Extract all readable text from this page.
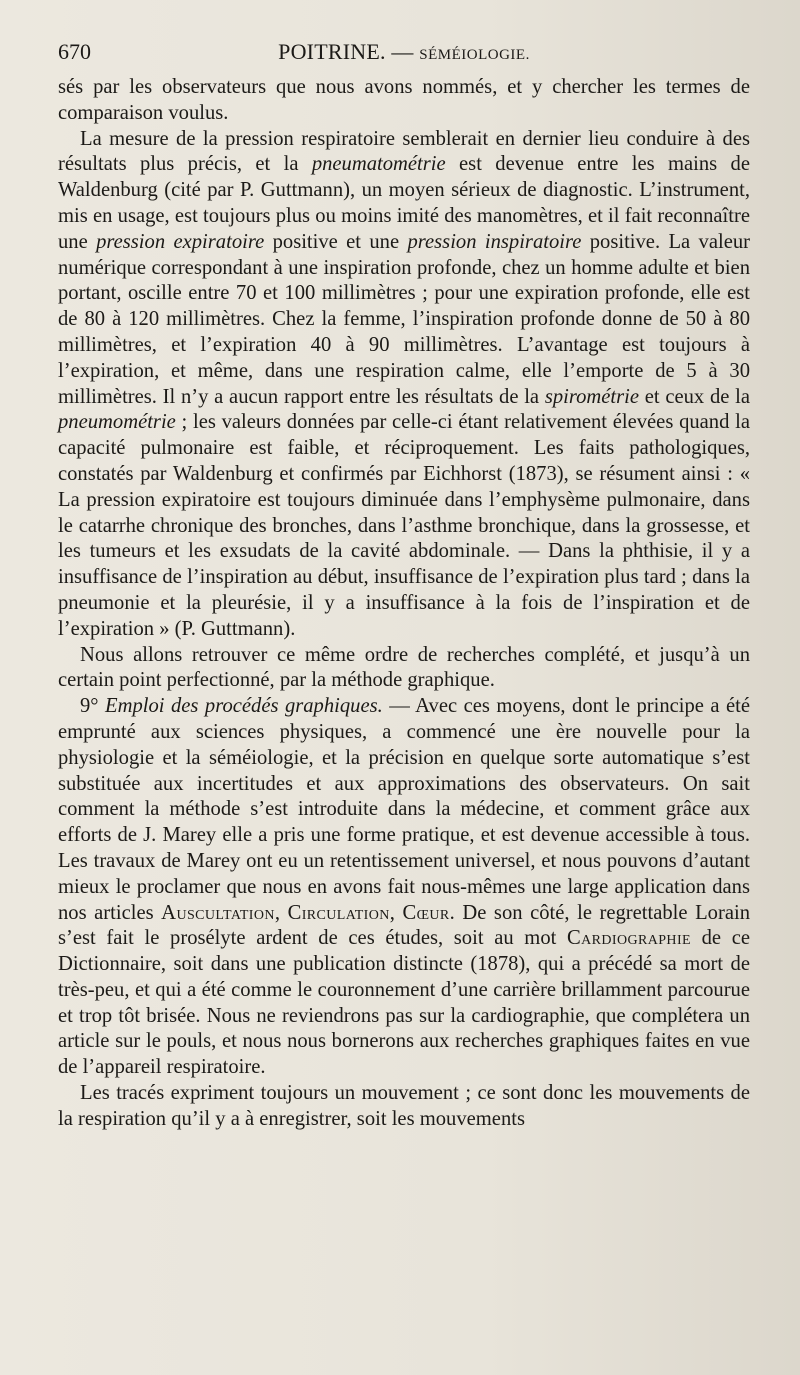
670	POITRINE. — SÉMÉIOLOGIE.

sés par les observateurs que nous avons nommés, et y chercher les termes de comparaison voulus.

La mesure de la pression respiratoire semblerait en dernier lieu conduire à des résultats plus précis, et la pneumatométrie est devenue entre les mains de Waldenburg (cité par P. Guttmann), un moyen sérieux de diagnostic. L’instrument, mis en usage, est toujours plus ou moins imité des manomètres, et il fait reconnaître une pression expiratoire positive et une pression inspiratoire positive. La valeur numérique correspondant à une inspiration profonde, chez un homme adulte et bien portant, oscille entre 70 et 100 millimètres ; pour une expiration profonde, elle est de 80 à 120 millimètres. Chez la femme, l’inspiration profonde donne de 50 à 80 millimètres, et l’expiration 40 à 90 millimètres. L’avantage est toujours à l’expiration, et même, dans une respiration calme, elle l’emporte de 5 à 30 millimètres. Il n’y a aucun rapport entre les résultats de la spirométrie et ceux de la pneumométrie ; les valeurs données par celle-ci étant relativement élevées quand la capacité pulmonaire est faible, et réciproquement. Les faits pathologiques, constatés par Waldenburg et confirmés par Eichhorst (1873), se résument ainsi : « La pression expiratoire est toujours diminuée dans l’emphysème pulmonaire, dans le catarrhe chronique des bronches, dans l’asthme bronchique, dans la grossesse, et les tumeurs et les exsudats de la cavité abdominale. — Dans la phthisie, il y a insuffisance de l’inspiration au début, insuffisance de l’expiration plus tard ; dans la pneumonie et la pleurésie, il y a insuffisance à la fois de l’inspiration et de l’expiration » (P. Guttmann).

Nous allons retrouver ce même ordre de recherches complété, et jusqu’à un certain point perfectionné, par la méthode graphique.

9° Emploi des procédés graphiques. — Avec ces moyens, dont le principe a été emprunté aux sciences physiques, a commencé une ère nouvelle pour la physiologie et la séméiologie, et la précision en quelque sorte automatique s’est substituée aux incertitudes et aux approximations des observateurs. On sait comment la méthode s’est introduite dans la médecine, et comment grâce aux efforts de J. Marey elle a pris une forme pratique, et est devenue accessible à tous. Les travaux de Marey ont eu un retentissement universel, et nous pouvons d’autant mieux le proclamer que nous en avons fait nous-mêmes une large application dans nos articles Auscultation, Circulation, Cœur. De son côté, le regrettable Lorain s’est fait le prosélyte ardent de ces études, soit au mot Cardiographie de ce Dictionnaire, soit dans une publication distincte (1878), qui a précédé sa mort de très-peu, et qui a été comme le couronnement d’une carrière brillamment parcourue et trop tôt brisée. Nous ne reviendrons pas sur la cardiographie, que complétera un article sur le pouls, et nous nous bornerons aux recherches graphiques faites en vue de l’appareil respiratoire.

Les tracés expriment toujours un mouvement ; ce sont donc les mouvements de la respiration qu’il y a à enregistrer, soit les mouvements
